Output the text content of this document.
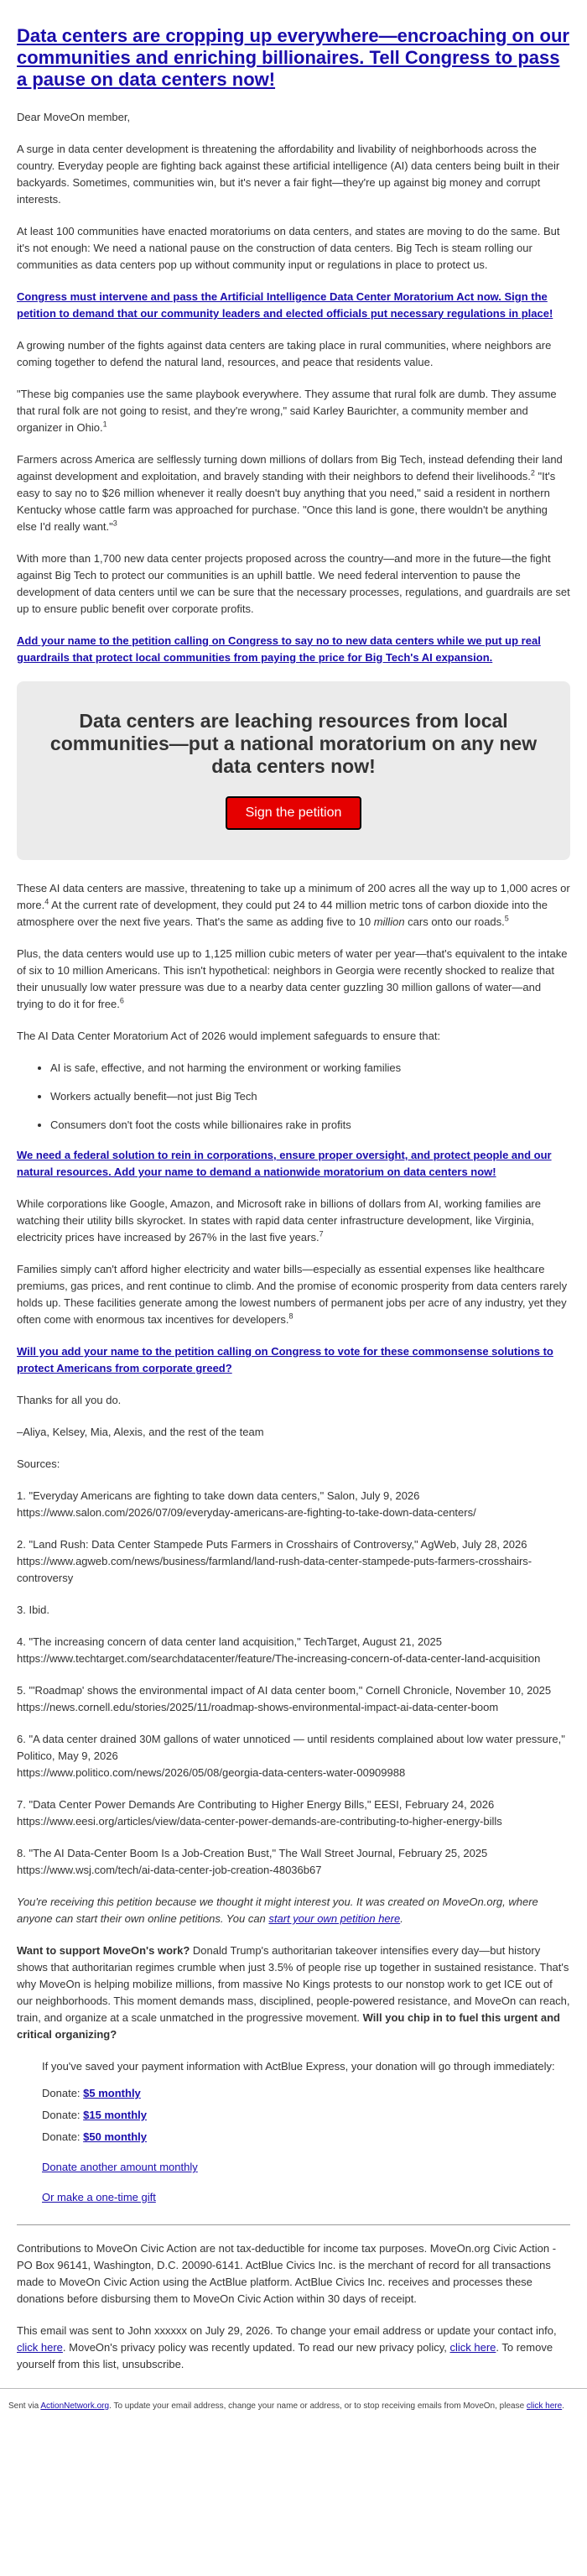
Data centers are cropping up everywhere—encroaching on our communities and enriching billionaires. Tell Congress to pass a pause on data centers now!

Dear MoveOn member,

A surge in data center development is threatening the affordability and livability of neighborhoods across the country. Everyday people are fighting back against these artificial intelligence (AI) data centers being built in their backyards. Sometimes, communities win, but it's never a fair fight—they're up against big money and corrupt interests.

At least 100 communities have enacted moratoriums on data centers, and states are moving to do the same. But it's not enough: We need a national pause on the construction of data centers. Big Tech is steam rolling our communities as data centers pop up without community input or regulations in place to protect us.

Congress must intervene and pass the Artificial Intelligence Data Center Moratorium Act now. Sign the petition to demand that our community leaders and elected officials put necessary regulations in place!

A growing number of the fights against data centers are taking place in rural communities, where neighbors are coming together to defend the natural land, resources, and peace that residents value.

"These big companies use the same playbook everywhere. They assume that rural folk are dumb. They assume that rural folk are not going to resist, and they're wrong," said Karley Baurichter, a community member and organizer in Ohio.$^1$

Farmers across America are selflessly turning down millions of dollars from Big Tech, instead defending their land against development and exploitation, and bravely standing with their neighbors to defend their livelihoods.$^2$ "It's easy to say no to $26 million whenever it really doesn't buy anything that you need," said a resident in northern Kentucky whose cattle farm was approached for purchase. "Once this land is gone, there wouldn't be anything else I'd really want."$^3$

With more than 1,700 new data center projects proposed across the country—and more in the future—the fight against Big Tech to protect our communities is an uphill battle. We need federal intervention to pause the development of data centers until we can be sure that the necessary processes, regulations, and guardrails are set up to ensure public benefit over corporate profits.

Add your name to the petition calling on Congress to say no to new data centers while we put up real guardrails that protect local communities from paying the price for Big Tech's AI expansion.

Data centers are leaching resources from local communities—put a national moratorium on any new data centers now!
Sign the petition

These AI data centers are massive, threatening to take up a minimum of 200 acres all the way up to 1,000 acres or more.$^4$ At the current rate of development, they could put 24 to 44 million metric tons of carbon dioxide into the atmosphere over the next five years. That's the same as adding five to 10 million cars onto our roads.$^5$

Plus, the data centers would use up to 1,125 million cubic meters of water per year—that's equivalent to the intake of six to 10 million Americans. This isn't hypothetical: neighbors in Georgia were recently shocked to realize that their unusually low water pressure was due to a nearby data center guzzling 30 million gallons of water—and trying to do it for free.$^6$

The AI Data Center Moratorium Act of 2026 would implement safeguards to ensure that:

• AI is safe, effective, and not harming the environment or working families
• Workers actually benefit—not just Big Tech
• Consumers don't foot the costs while billionaires rake in profits

We need a federal solution to rein in corporations, ensure proper oversight, and protect people and our natural resources. Add your name to demand a nationwide moratorium on data centers now!

While corporations like Google, Amazon, and Microsoft rake in billions of dollars from AI, working families are watching their utility bills skyrocket. In states with rapid data center infrastructure development, like Virginia, electricity prices have increased by 267% in the last five years.$^7$

Families simply can't afford higher electricity and water bills—especially as essential expenses like healthcare premiums, gas prices, and rent continue to climb. And the promise of economic prosperity from data centers rarely holds up. These facilities generate among the lowest numbers of permanent jobs per acre of any industry, yet they often come with enormous tax incentives for developers.$^8$

Will you add your name to the petition calling on Congress to vote for these commonsense solutions to protect Americans from corporate greed?

Thanks for all you do.

–Aliya, Kelsey, Mia, Alexis, and the rest of the team

Sources:

1. "Everyday Americans are fighting to take down data centers," Salon, July 9, 2026
https://www.salon.com/2026/07/09/everyday-americans-are-fighting-to-take-down-data-centers/

2. "Land Rush: Data Center Stampede Puts Farmers in Crosshairs of Controversy," AgWeb, July 28, 2026
https://www.agweb.com/news/business/farmland/land-rush-data-center-stampede-puts-farmers-crosshairs-controversy

3. Ibid.

4. "The increasing concern of data center land acquisition," TechTarget, August 21, 2025
https://www.techtarget.com/searchdatacenter/feature/The-increasing-concern-of-data-center-land-acquisition

5. "'Roadmap' shows the environmental impact of AI data center boom," Cornell Chronicle, November 10, 2025
https://news.cornell.edu/stories/2025/11/roadmap-shows-environmental-impact-ai-data-center-boom

6. "A data center drained 30M gallons of water unnoticed — until residents complained about low water pressure," Politico, May 9, 2026
https://www.politico.com/news/2026/05/08/georgia-data-centers-water-00909988

7. "Data Center Power Demands Are Contributing to Higher Energy Bills," EESI, February 24, 2026
https://www.eesi.org/articles/view/data-center-power-demands-are-contributing-to-higher-energy-bills

8. "The AI Data-Center Boom Is a Job-Creation Bust," The Wall Street Journal, February 25, 2025
https://www.wsj.com/tech/ai-data-center-job-creation-48036b67

You're receiving this petition because we thought it might interest you. It was created on MoveOn.org, where anyone can start their own online petitions. You can start your own petition here.

Want to support MoveOn's work? Donald Trump's authoritarian takeover intensifies every day—but history shows that authoritarian regimes crumble when just 3.5% of people rise up together in sustained resistance. That's why MoveOn is helping mobilize millions, from massive No Kings protests to our nonstop work to get ICE out of our neighborhoods. This moment demands mass, disciplined, people-powered resistance, and MoveOn can reach, train, and organize at a scale unmatched in the progressive movement. Will you chip in to fuel this urgent and critical organizing?

If you've saved your payment information with ActBlue Express, your donation will go through immediately:

Donate: $5 monthly

Donate: $15 monthly

Donate: $50 monthly

Donate another amount monthly

Or make a one-time gift

Contributions to MoveOn Civic Action are not tax-deductible for income tax purposes. MoveOn.org Civic Action - PO Box 96141, Washington, D.C. 20090-6141. ActBlue Civics Inc. is the merchant of record for all transactions made to MoveOn Civic Action using the ActBlue platform. ActBlue Civics Inc. receives and processes these donations before disbursing them to MoveOn Civic Action within 30 days of receipt.

This email was sent to John xxxxxx on July 29, 2026. To change your email address or update your contact info, click here. MoveOn's privacy policy was recently updated. To read our new privacy policy, click here. To remove yourself from this list, unsubscribe.

Sent via ActionNetwork.org. To update your email address, change your name or address, or to stop receiving emails from MoveOn, please click here.
